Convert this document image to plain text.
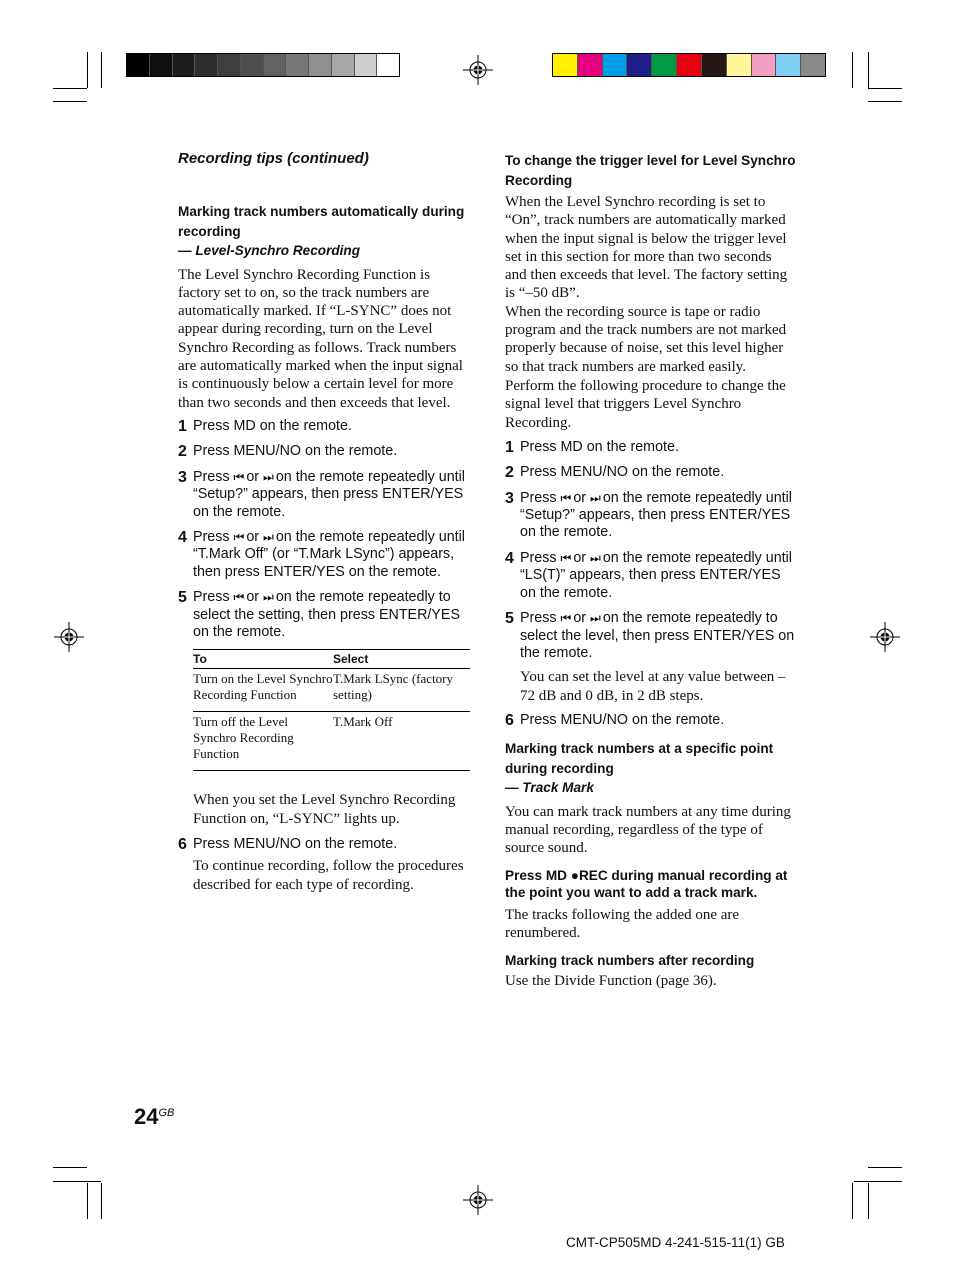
Recording tips (continued)

Marking track numbers automatically during recording

— Level-Synchro Recording

The Level Synchro Recording Function is factory set to on, so the track numbers are automatically marked. If “L-SYNC” does not appear during recording, turn on the Level Synchro Recording as follows. Track numbers are automatically marked when the input signal is continuously below a certain level for more than two seconds and then exceeds that level.

1 Press MD on the remote.
2 Press MENU/NO on the remote.
3 Press ⏮ or ⏭ on the remote repeatedly until “Setup?” appears, then press ENTER/YES on the remote.
4 Press ⏮ or ⏭ on the remote repeatedly until “T.Mark Off” (or “T.Mark LSync”) appears, then press ENTER/YES on the remote.
5 Press ⏮ or ⏭ on the remote repeatedly to select the setting, then press ENTER/YES on the remote.
To	Select
Turn on the Level Synchro Recording Function	T.Mark LSync (factory setting)
Turn off the Level Synchro Recording Function	T.Mark Off

When you set the Level Synchro Recording Function on, “L-SYNC” lights up.

6 Press MENU/NO on the remote.

To continue recording, follow the procedures described for each type of recording.

To change the trigger level for Level Synchro Recording

When the Level Synchro recording is set to “On”, track numbers are automatically marked when the input signal is below the trigger level set in this section for more than two seconds and then exceeds that level. The factory setting is “–50 dB”.

When the recording source is tape or radio program and the track numbers are not marked properly because of noise, set this level higher so that track numbers are marked easily.

Perform the following procedure to change the signal level that triggers Level Synchro Recording.

1 Press MD on the remote.
2 Press MENU/NO on the remote.
3 Press ⏮ or ⏭ on the remote repeatedly until “Setup?” appears, then press ENTER/YES on the remote.
4 Press ⏮ or ⏭ on the remote repeatedly until “LS(T)” appears, then press ENTER/YES on the remote.
5 Press ⏮ or ⏭ on the remote repeatedly to select the level, then press ENTER/YES on the remote.

You can set the level at any value between –72 dB and 0 dB, in 2 dB steps.

6 Press MENU/NO on the remote.

Marking track numbers at a specific point during recording

— Track Mark

You can mark track numbers at any time during manual recording, regardless of the type of source sound.

Press MD ●REC during manual recording at the point you want to add a track mark.

The tracks following the added one are renumbered.

Marking track numbers after recording

Use the Divide Function (page 36).

$24^{GB}$
CMT-CP505MD 4-241-515-11(1) GB
